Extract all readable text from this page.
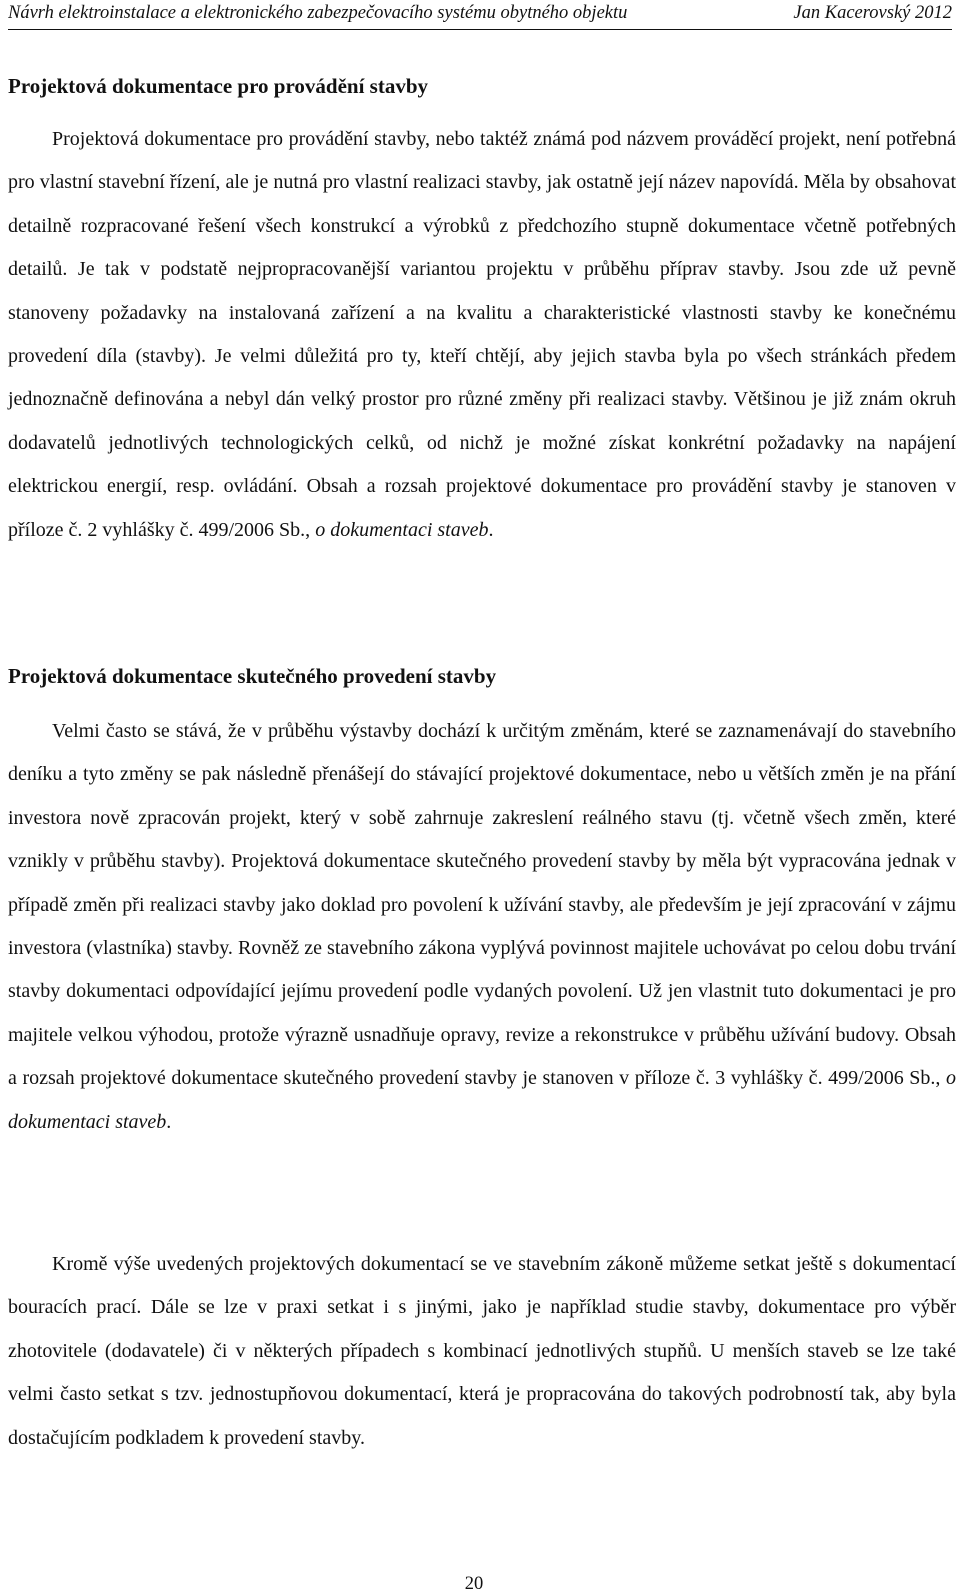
Návrh elektroinstalace a elektronického zabezpečovacího systému obytného objektu	Jan Kacerovský 2012
Projektová dokumentace pro provádění stavby

Projektová dokumentace pro provádění stavby, nebo taktéž známá pod názvem prováděcí projekt, není potřebná pro vlastní stavební řízení, ale je nutná pro vlastní realizaci stavby, jak ostatně její název napovídá. Měla by obsahovat detailně rozpracované řešení všech konstrukcí a výrobků z předchozího stupně dokumentace včetně potřebných detailů. Je tak v podstatě nejpropracovanější variantou projektu v průběhu příprav stavby. Jsou zde už pevně stanoveny požadavky na instalovaná zařízení a na kvalitu a charakteristické vlastnosti stavby ke konečnému provedení díla (stavby). Je velmi důležitá pro ty, kteří chtějí, aby jejich stavba byla po všech stránkách předem jednoznačně definována a nebyl dán velký prostor pro různé změny při realizaci stavby. Většinou je již znám okruh dodavatelů jednotlivých technologických celků, od nichž je možné získat konkrétní požadavky na napájení elektrickou energií, resp. ovládání. Obsah a rozsah projektové dokumentace pro provádění stavby je stanoven v příloze č. 2 vyhlášky č. 499/2006 Sb., o dokumentaci staveb.

Projektová dokumentace skutečného provedení stavby

Velmi často se stává, že v průběhu výstavby dochází k určitým změnám, které se zaznamenávají do stavebního deníku a tyto změny se pak následně přenášejí do stávající projektové dokumentace, nebo u větších změn je na přání investora nově zpracován projekt, který v sobě zahrnuje zakreslení reálného stavu (tj. včetně všech změn, které vznikly v průběhu stavby). Projektová dokumentace skutečného provedení stavby by měla být vypracována jednak v případě změn při realizaci stavby jako doklad pro povolení k užívání stavby, ale především je její zpracování v zájmu investora (vlastníka) stavby. Rovněž ze stavebního zákona vyplývá povinnost majitele uchovávat po celou dobu trvání stavby dokumentaci odpovídající jejímu provedení podle vydaných povolení. Už jen vlastnit tuto dokumentaci je pro majitele velkou výhodou, protože výrazně usnadňuje opravy, revize a rekonstrukce v průběhu užívání budovy. Obsah a rozsah projektové dokumentace skutečného provedení stavby je stanoven v příloze č. 3 vyhlášky č. 499/2006 Sb., o dokumentaci staveb.

Kromě výše uvedených projektových dokumentací se ve stavebním zákoně můžeme setkat ještě s dokumentací bouracích prací. Dále se lze v praxi setkat i s jinými, jako je například studie stavby, dokumentace pro výběr zhotovitele (dodavatele) či v některých případech s kombinací jednotlivých stupňů. U menších staveb se lze také velmi často setkat s tzv. jednostupňovou dokumentací, která je propracována do takových podrobností tak, aby byla dostačujícím podkladem k provedení stavby.

20
